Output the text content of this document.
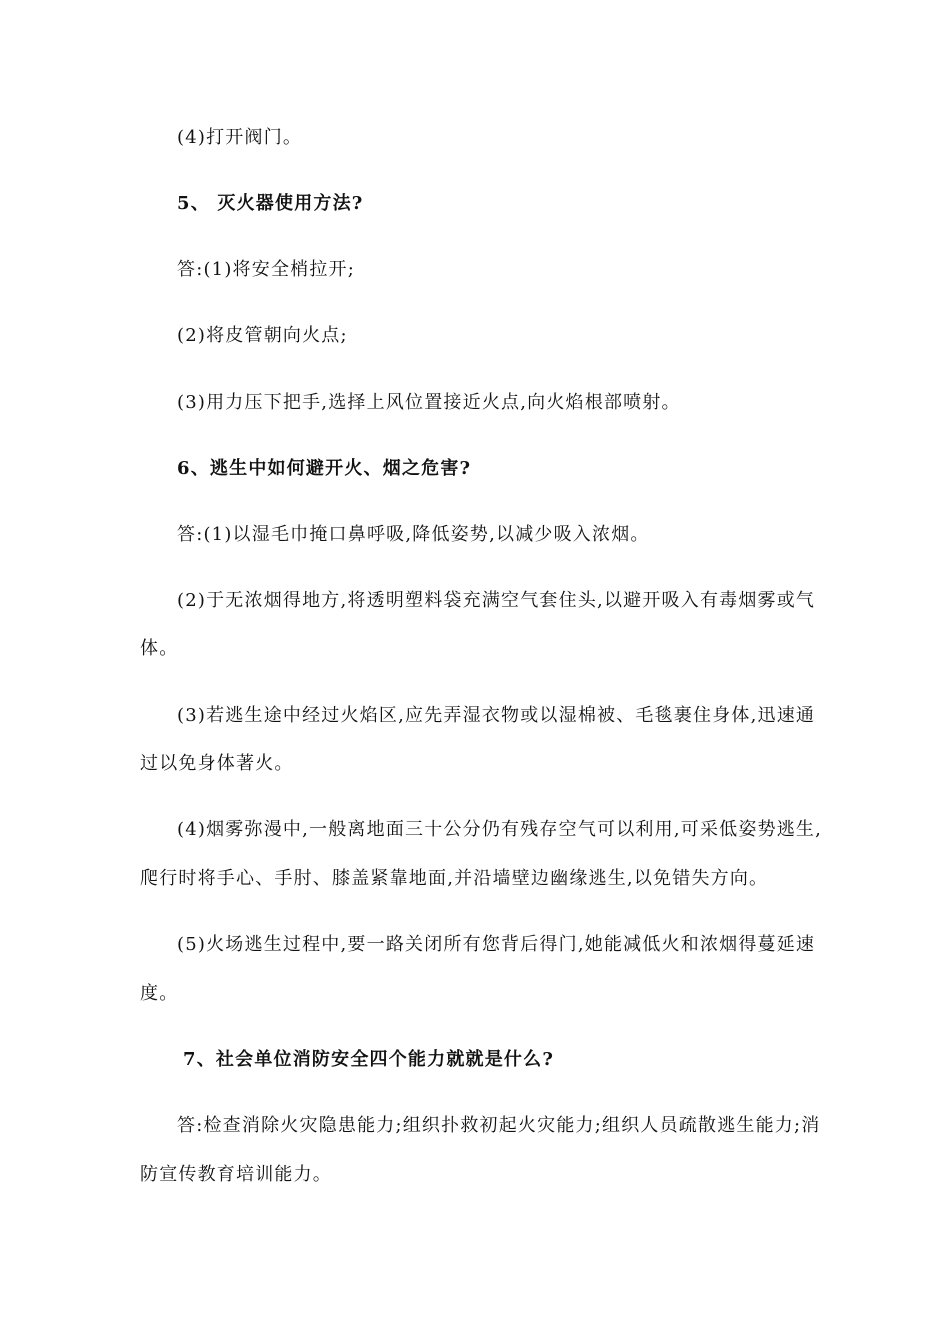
(4)打开阀门。
5、 灭火器使用方法?
答:(1)将安全梢拉开;
(2)将皮管朝向火点;
(3)用力压下把手,选择上风位置接近火点,向火焰根部喷射。
6、逃生中如何避开火、烟之危害?
答:(1)以湿毛巾掩口鼻呼吸,降低姿势,以减少吸入浓烟。
(2)于无浓烟得地方,将透明塑料袋充满空气套住头,以避开吸入有毒烟雾或气
体。
(3)若逃生途中经过火焰区,应先弄湿衣物或以湿棉被、毛毯裹住身体,迅速通
过以免身体著火。
(4)烟雾弥漫中,一般离地面三十公分仍有残存空气可以利用,可采低姿势逃生,
爬行时将手心、手肘、膝盖紧靠地面,并沿墙壁边幽缘逃生,以免错失方向。
(5)火场逃生过程中,要一路关闭所有您背后得门,她能减低火和浓烟得蔓延速
度。
7、社会单位消防安全四个能力就就是什么?
答:检查消除火灾隐患能力;组织扑救初起火灾能力;组织人员疏散逃生能力;消
防宣传教育培训能力。
